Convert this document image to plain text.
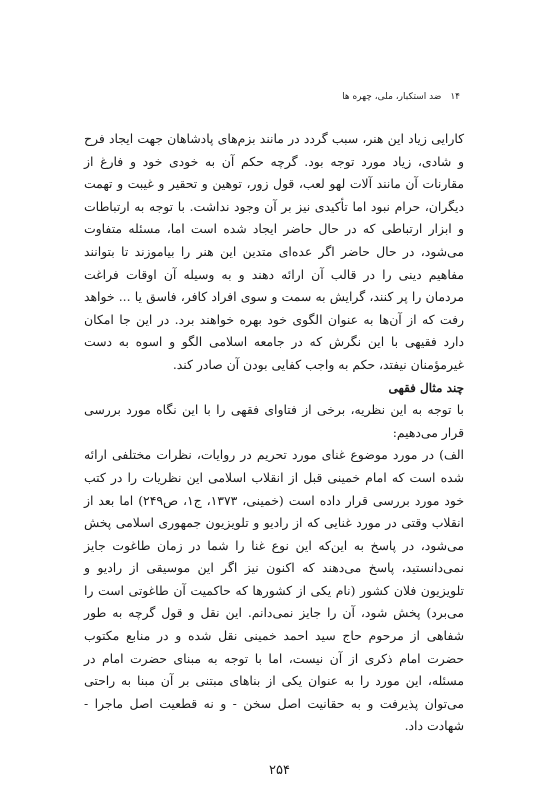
۱۴ ضد استکبار، ملی، چهره ها

کارایی زیاد این هنر، سبب گردد در مانند بزم‌های پادشاهان جهت ایجاد فرح و شادی، زیاد مورد توجه بود. گرچه حکم آن به خودی خود و فارغ از مقارنات آن مانند آلات لهو لعب، قول زور، توهین و تحقیر و غیبت و تهمت دیگران، حرام نبود اما تأکیدی نیز بر آن وجود نداشت. با توجه به ارتباطات و ابزار ارتباطی که در حال حاضر ایجاد شده است اما، مسئله متفاوت می‌شود، در حال حاضر اگر عده‌ای متدین این هنر را بیاموزند تا بتوانند مفاهیم دینی را در قالب آن ارائه دهند و به وسیله آن اوقات فراغت مردمان را پر کنند، گرایش به سمت و سوی افراد کافر، فاسق یا ... خواهد رفت که از آن‌ها به عنوان الگوی خود بهره خواهند برد. در این جا امکان دارد فقیهی با این نگرش که در جامعه اسلامی الگو و اسوه به دست غیرمؤمنان نیفتد، حکم به واجب کفایی بودن آن صادر کند.

چند مثال فقهی

با توجه به این نظریه، برخی از فتاوای فقهی را با این نگاه مورد بررسی قرار می‌دهیم:

الف) در مورد موضوع غنای مورد تحریم در روایات، نظرات مختلفی ارائه شده است که امام خمینی قبل از انقلاب اسلامی این نظریات را در کتب خود مورد بررسی قرار داده است (خمینی، ۱۳۷۳، ج۱، ص۲۴۹) اما بعد از انقلاب وقتی در مورد غنایی که از رادیو و تلویزیون جمهوری اسلامی پخش می‌شود، در پاسخ به این‌که این نوع غنا را شما در زمان طاغوت جایز نمی‌دانستید، پاسخ می‌دهند که اکنون نیز اگر این موسیقی از رادیو و تلویزیون فلان کشور (نام یکی از کشورها که حاکمیت آن طاغوتی است را می‌برد) پخش شود، آن را جایز نمی‌دانم. این نقل و قول گرچه به طور شفاهی از مرحوم حاج سید احمد خمینی نقل شده و در منابع مکتوب حضرت امام ذکری از آن نیست، اما با توجه به مبنای حضرت امام در مسئله، این مورد را به عنوان یکی از بناهای مبتنی بر آن مبنا به راحتی می‌توان پذیرفت و به حقانیت اصل سخن - و نه قطعیت اصل ماجرا - شهادت داد.

۲۵۴
